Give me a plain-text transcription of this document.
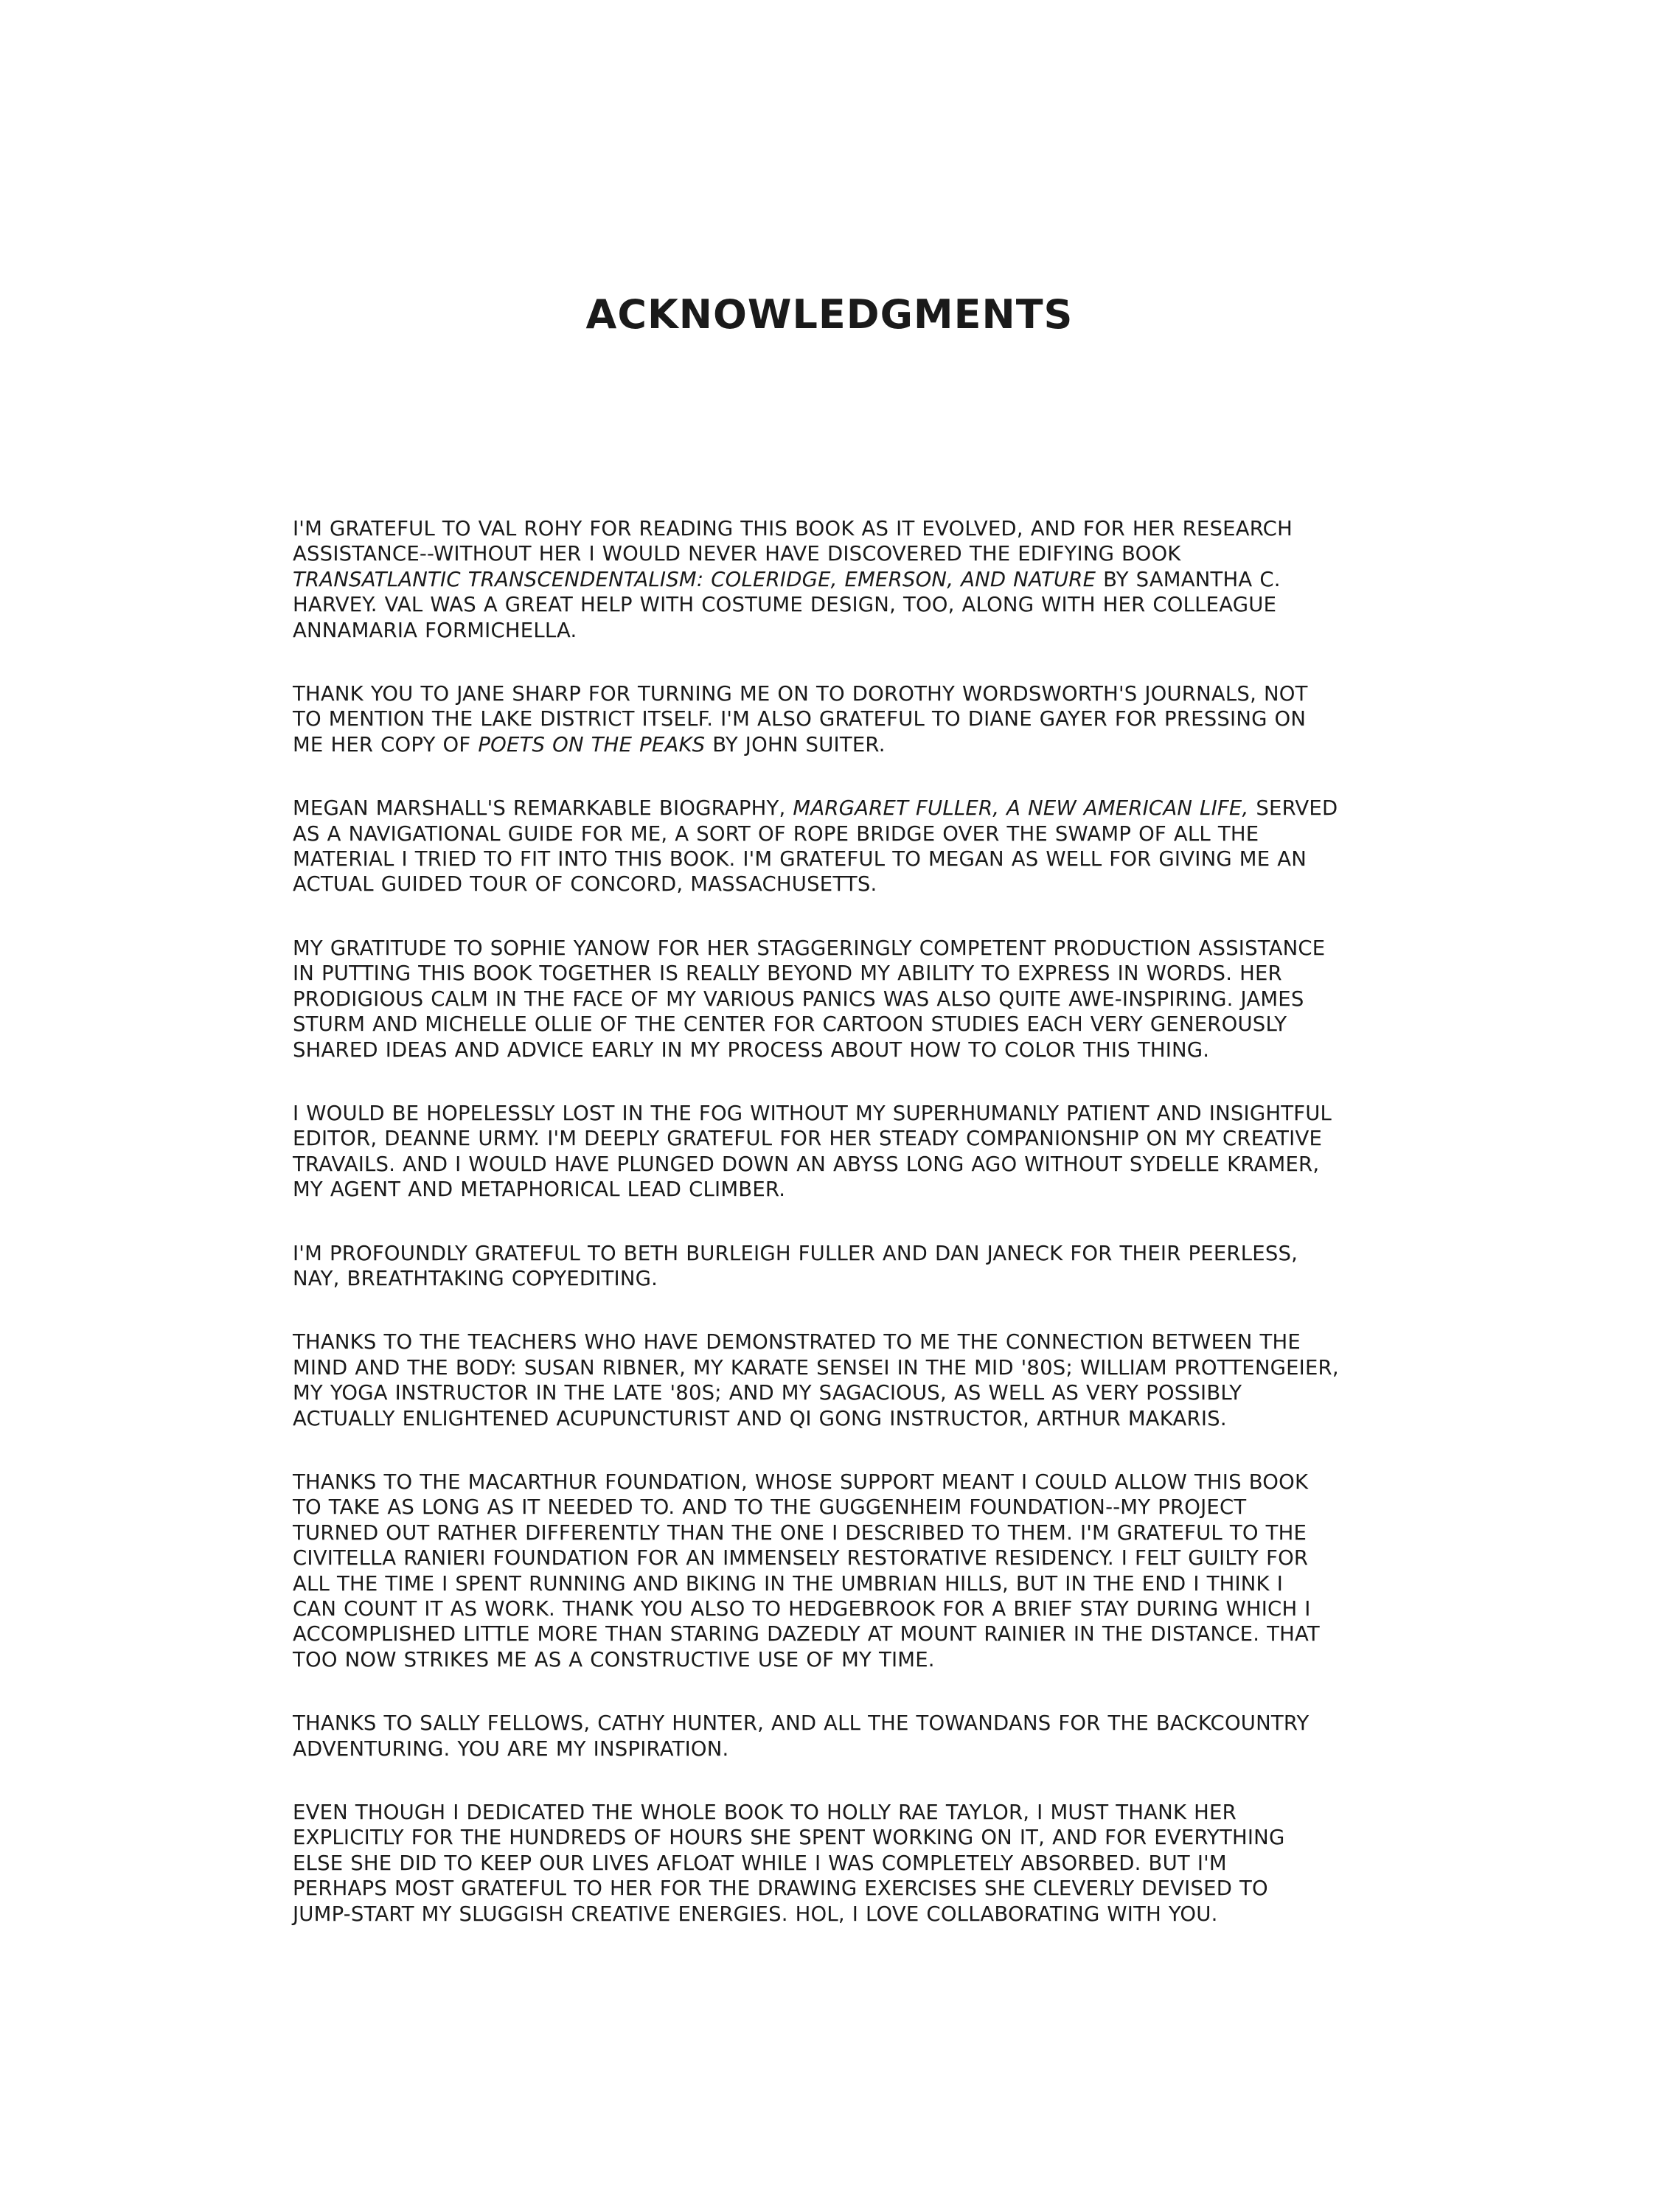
ACKNOWLEDGMENTS

I'M GRATEFUL TO VAL ROHY FOR READING THIS BOOK AS IT EVOLVED, AND FOR HER RESEARCH
ASSISTANCE--WITHOUT HER I WOULD NEVER HAVE DISCOVERED THE EDIFYING BOOK
TRANSATLANTIC TRANSCENDENTALISM: COLERIDGE, EMERSON, AND NATURE BY SAMANTHA C.
HARVEY. VAL WAS A GREAT HELP WITH COSTUME DESIGN, TOO, ALONG WITH HER COLLEAGUE
ANNAMARIA FORMICHELLA.

THANK YOU TO JANE SHARP FOR TURNING ME ON TO DOROTHY WORDSWORTH'S JOURNALS, NOT
TO MENTION THE LAKE DISTRICT ITSELF. I'M ALSO GRATEFUL TO DIANE GAYER FOR PRESSING ON
ME HER COPY OF POETS ON THE PEAKS BY JOHN SUITER.

MEGAN MARSHALL'S REMARKABLE BIOGRAPHY, MARGARET FULLER, A NEW AMERICAN LIFE, SERVED
AS A NAVIGATIONAL GUIDE FOR ME, A SORT OF ROPE BRIDGE OVER THE SWAMP OF ALL THE
MATERIAL I TRIED TO FIT INTO THIS BOOK. I'M GRATEFUL TO MEGAN AS WELL FOR GIVING ME AN
ACTUAL GUIDED TOUR OF CONCORD, MASSACHUSETTS.

MY GRATITUDE TO SOPHIE YANOW FOR HER STAGGERINGLY COMPETENT PRODUCTION ASSISTANCE
IN PUTTING THIS BOOK TOGETHER IS REALLY BEYOND MY ABILITY TO EXPRESS IN WORDS. HER
PRODIGIOUS CALM IN THE FACE OF MY VARIOUS PANICS WAS ALSO QUITE AWE-INSPIRING. JAMES
STURM AND MICHELLE OLLIE OF THE CENTER FOR CARTOON STUDIES EACH VERY GENEROUSLY
SHARED IDEAS AND ADVICE EARLY IN MY PROCESS ABOUT HOW TO COLOR THIS THING.

I WOULD BE HOPELESSLY LOST IN THE FOG WITHOUT MY SUPERHUMANLY PATIENT AND INSIGHTFUL
EDITOR, DEANNE URMY. I'M DEEPLY GRATEFUL FOR HER STEADY COMPANIONSHIP ON MY CREATIVE
TRAVAILS. AND I WOULD HAVE PLUNGED DOWN AN ABYSS LONG AGO WITHOUT SYDELLE KRAMER,
MY AGENT AND METAPHORICAL LEAD CLIMBER.

I'M PROFOUNDLY GRATEFUL TO BETH BURLEIGH FULLER AND DAN JANECK FOR THEIR PEERLESS,
NAY, BREATHTAKING COPYEDITING.

THANKS TO THE TEACHERS WHO HAVE DEMONSTRATED TO ME THE CONNECTION BETWEEN THE
MIND AND THE BODY: SUSAN RIBNER, MY KARATE SENSEI IN THE MID '80S; WILLIAM PROTTENGEIER,
MY YOGA INSTRUCTOR IN THE LATE '80S; AND MY SAGACIOUS, AS WELL AS VERY POSSIBLY
ACTUALLY ENLIGHTENED ACUPUNCTURIST AND QI GONG INSTRUCTOR, ARTHUR MAKARIS.

THANKS TO THE MACARTHUR FOUNDATION, WHOSE SUPPORT MEANT I COULD ALLOW THIS BOOK
TO TAKE AS LONG AS IT NEEDED TO. AND TO THE GUGGENHEIM FOUNDATION--MY PROJECT
TURNED OUT RATHER DIFFERENTLY THAN THE ONE I DESCRIBED TO THEM. I'M GRATEFUL TO THE
CIVITELLA RANIERI FOUNDATION FOR AN IMMENSELY RESTORATIVE RESIDENCY. I FELT GUILTY FOR
ALL THE TIME I SPENT RUNNING AND BIKING IN THE UMBRIAN HILLS, BUT IN THE END I THINK I
CAN COUNT IT AS WORK. THANK YOU ALSO TO HEDGEBROOK FOR A BRIEF STAY DURING WHICH I
ACCOMPLISHED LITTLE MORE THAN STARING DAZEDLY AT MOUNT RAINIER IN THE DISTANCE. THAT
TOO NOW STRIKES ME AS A CONSTRUCTIVE USE OF MY TIME.

THANKS TO SALLY FELLOWS, CATHY HUNTER, AND ALL THE TOWANDANS FOR THE BACKCOUNTRY
ADVENTURING. YOU ARE MY INSPIRATION.

EVEN THOUGH I DEDICATED THE WHOLE BOOK TO HOLLY RAE TAYLOR, I MUST THANK HER
EXPLICITLY FOR THE HUNDREDS OF HOURS SHE SPENT WORKING ON IT, AND FOR EVERYTHING
ELSE SHE DID TO KEEP OUR LIVES AFLOAT WHILE I WAS COMPLETELY ABSORBED. BUT I'M
PERHAPS MOST GRATEFUL TO HER FOR THE DRAWING EXERCISES SHE CLEVERLY DEVISED TO
JUMP-START MY SLUGGISH CREATIVE ENERGIES. HOL, I LOVE COLLABORATING WITH YOU.
